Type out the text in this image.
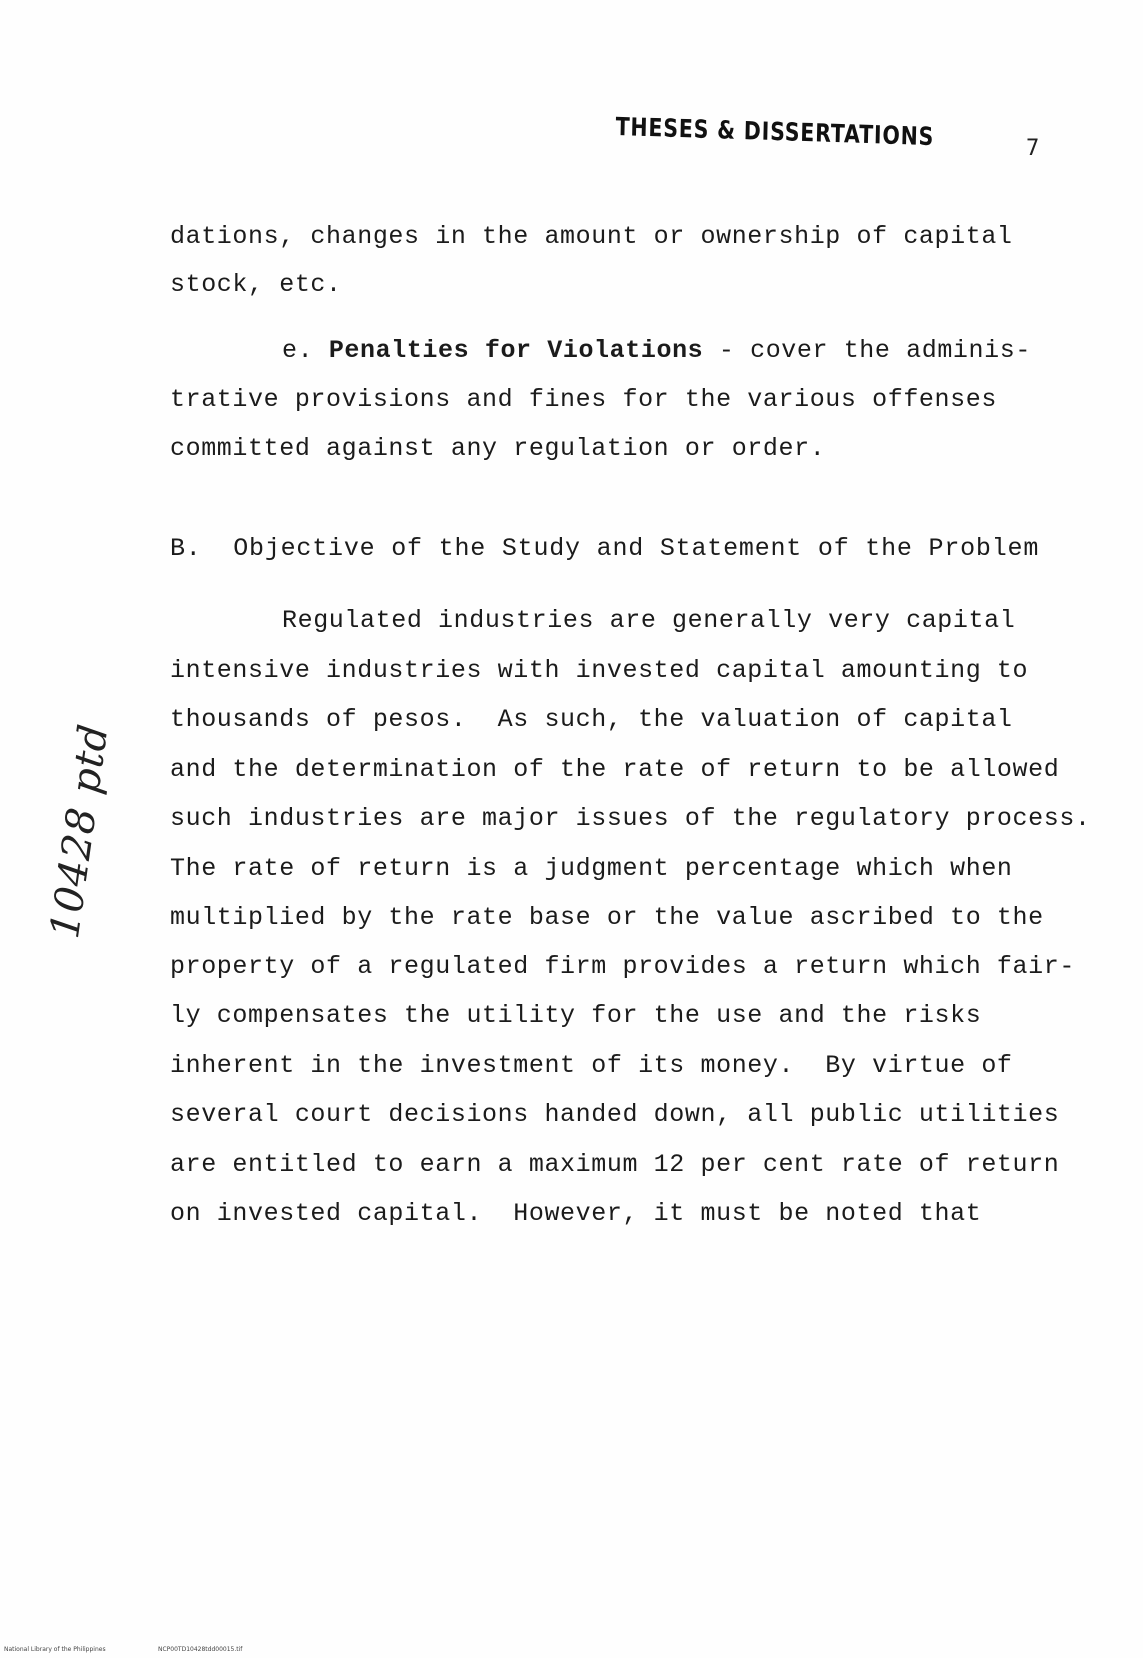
THESES & DISSERTATIONS	7
dations, changes in the amount or ownership of capital
stock, etc.
e. Penalties for Violations - cover the adminis-
trative provisions and fines for the various offenses
committed against any regulation or order.
B.  Objective of the Study and Statement of the Problem
Regulated industries are generally very capital
intensive industries with invested capital amounting to
thousands of pesos.  As such, the valuation of capital
and the determination of the rate of return to be allowed
such industries are major issues of the regulatory process.
The rate of return is a judgment percentage which when
multiplied by the rate base or the value ascribed to the
property of a regulated firm provides a return which fair-
ly compensates the utility for the use and the risks
inherent in the investment of its money.  By virtue of
several court decisions handed down, all public utilities
are entitled to earn a maximum 12 per cent rate of return
on invested capital.  However, it must be noted that
10428 ptd
National Library of the Philippines	NCP00TD10428tdd00015.tif
